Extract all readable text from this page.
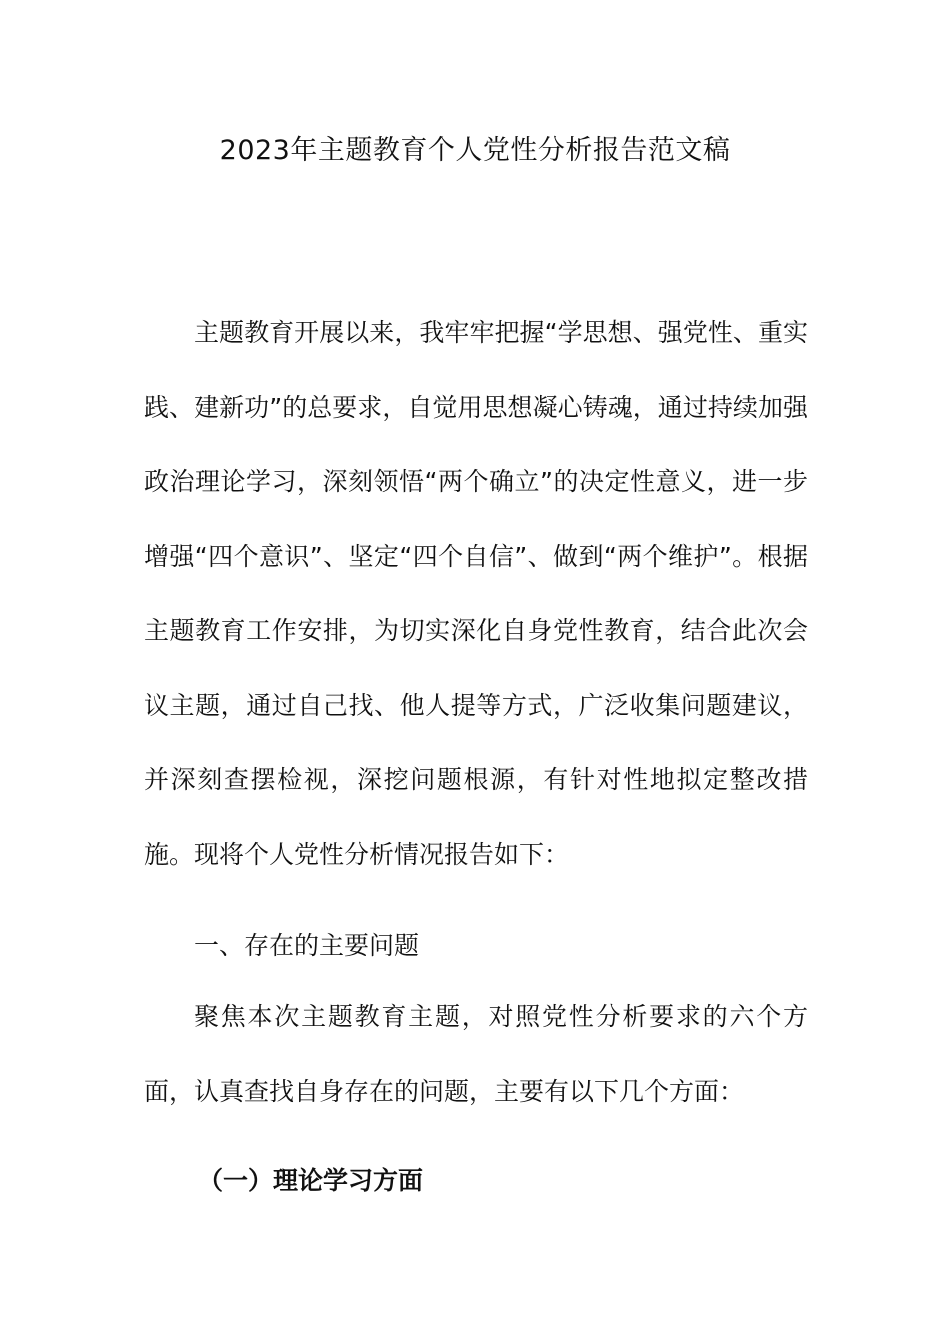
2023年主题教育个人党性分析报告范文稿

主题教育开展以来，我牢牢把握“学思想、强党性、重实践、建新功”的总要求，自觉用思想凝心铸魂，通过持续加强政治理论学习，深刻领悟“两个确立”的决定性意义，进一步增强“四个意识”、坚定“四个自信”、做到“两个维护”。根据主题教育工作安排，为切实深化自身党性教育，结合此次会议主题，通过自己找、他人提等方式，广泛收集问题建议，并深刻查摆检视，深挖问题根源，有针对性地拟定整改措施。现将个人党性分析情况报告如下：

一、存在的主要问题

聚焦本次主题教育主题，对照党性分析要求的六个方面，认真查找自身存在的问题，主要有以下几个方面：

（一）理论学习方面
